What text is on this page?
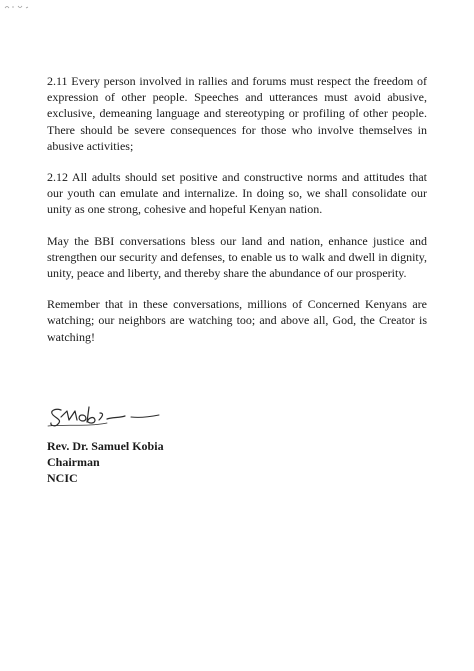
2.11 Every person involved in rallies and forums must respect the freedom of expression of other people. Speeches and utterances must avoid abusive, exclusive, demeaning language and stereotyping or profiling of other people. There should be severe consequences for those who involve themselves in abusive activities;

2.12 All adults should set positive and constructive norms and attitudes that our youth can emulate and internalize. In doing so, we shall consolidate our unity as one strong, cohesive and hopeful Kenyan nation.

May the BBI conversations bless our land and nation, enhance justice and strengthen our security and defenses, to enable us to walk and dwell in dignity, unity, peace and liberty, and thereby share the abundance of our prosperity.

Remember that in these conversations, millions of Concerned Kenyans are watching; our neighbors are watching too; and above all, God, the Creator is watching!

Rev. Dr. Samuel Kobia
Chairman
NCIC
